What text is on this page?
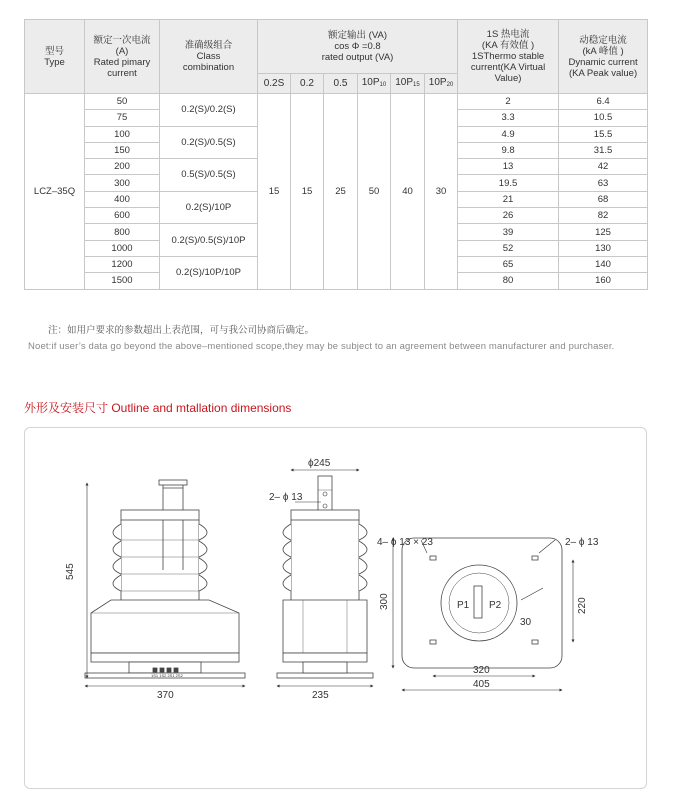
型号
Type	额定一次电流
(A)
Rated pimary
current	准确级组合
Class
combination	额定输出 (VA)
cos Φ =0.8
rated output (VA)						1S 热电流
(KA 有效值 )
1SThermo stable
current(KA Virtual
Value)	动稳定电流
(kA 峰值 )
Dynamic current
(KA Peak value)

			0.2S	0.2	0.5	$10P_{10}$	$10P_{15}$	$10P_{20}$
LCZ–35Q	50	0.2(S)/0.2(S)	15	15	25	50	40	30	2	6.4
	75								3.3	10.5
	100	0.2(S)/0.5(S)							4.9	15.5
	150								9.8	31.5
	200	0.5(S)/0.5(S)							13	42
	300								19.5	63
	400	0.2(S)/10P							21	68
	600								26	82
	800	0.2(S)/0.5(S)/10P							39	125
	1000								52	130
	1200	0.2(S)/10P/10P							65	140
	1500								80	160
注：如用户要求的参数超出上表范围，可与我公司协商后确定。
Noet:if user’s data go beyond the above–mentioned scope,they may be subject to an agreement between manufacturer and purchaser.
外形及安装尺寸 Outline and mtallation dimensions
1S1 1S2 2S1 2S2
545
370
ϕ245
2– ϕ 13
235
4– ϕ 13 × 23	2– ϕ 13
300	220
P1 P2
30
320
405
